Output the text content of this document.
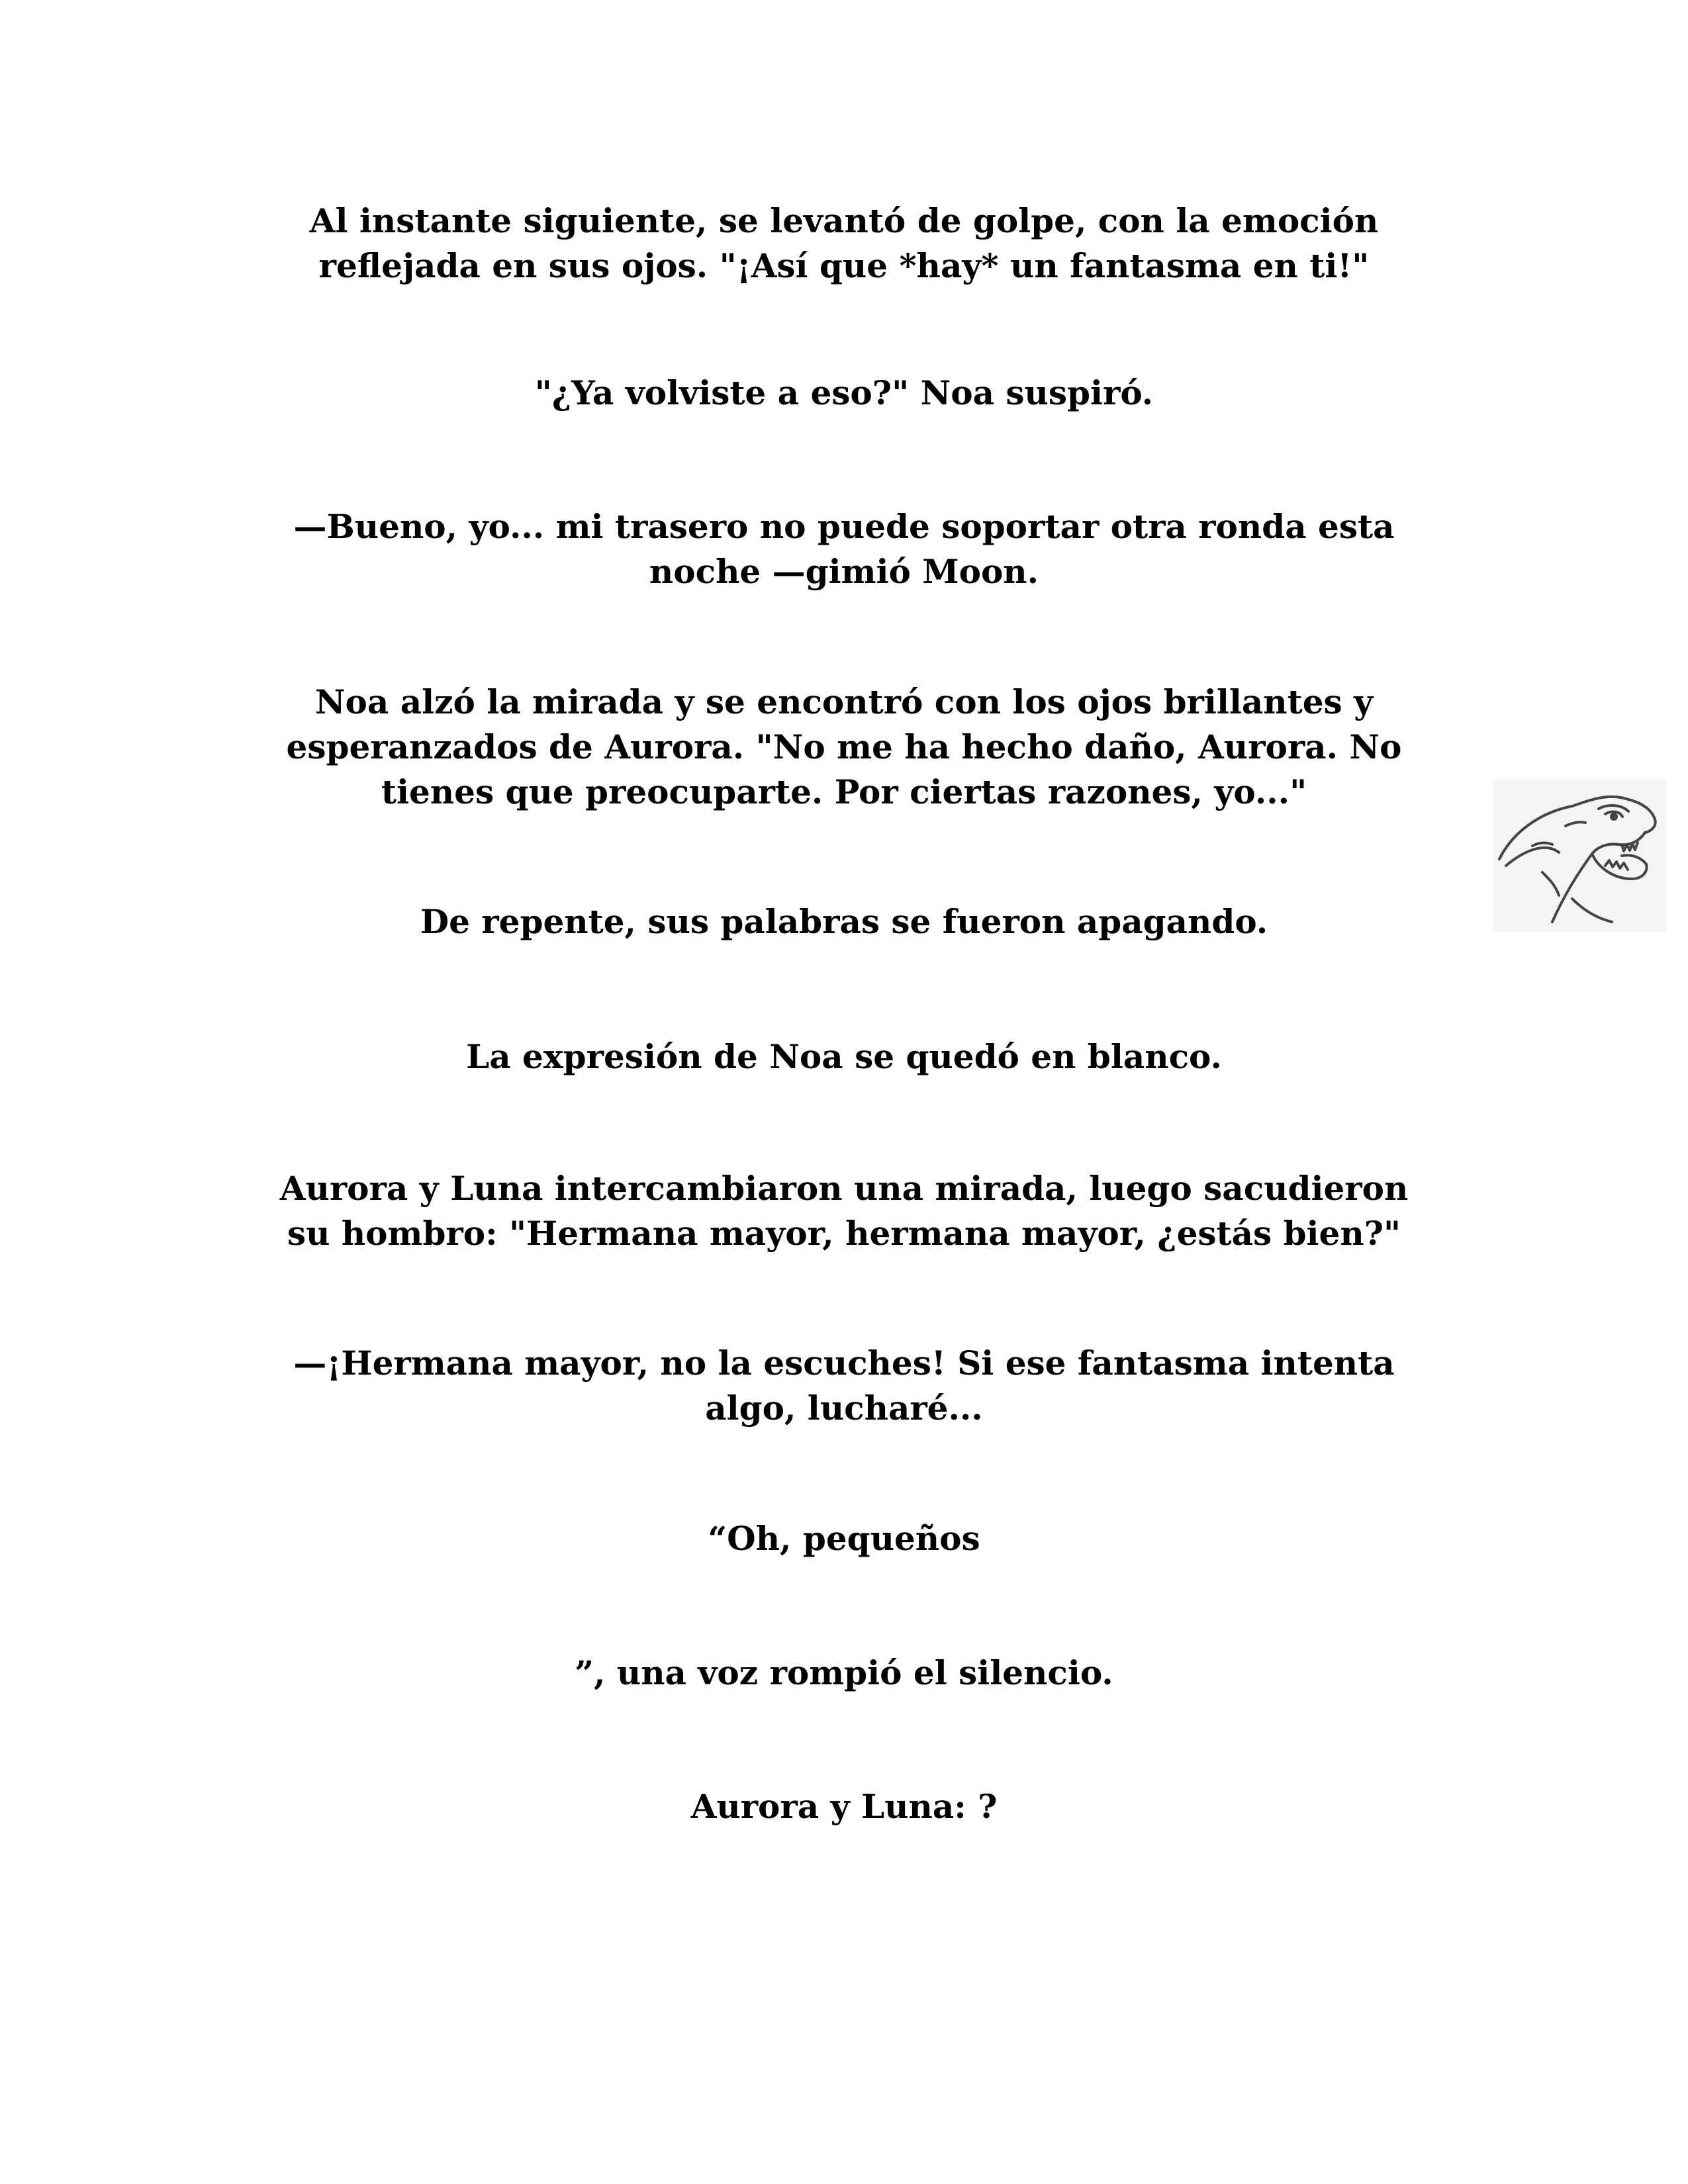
Al instante siguiente, se levantó de golpe, con la emoción
reflejada en sus ojos. "¡Así que *hay* un fantasma en ti!"

"¿Ya volviste a eso?" Noa suspiró.

—Bueno, yo... mi trasero no puede soportar otra ronda esta
noche —gimió Moon.

Noa alzó la mirada y se encontró con los ojos brillantes y
esperanzados de Aurora. "No me ha hecho daño, Aurora. No
tienes que preocuparte. Por ciertas razones, yo..."

De repente, sus palabras se fueron apagando.

La expresión de Noa se quedó en blanco.

Aurora y Luna intercambiaron una mirada, luego sacudieron
su hombro: "Hermana mayor, hermana mayor, ¿estás bien?"

—¡Hermana mayor, no la escuches! Si ese fantasma intenta
algo, lucharé...

“Oh, pequeños

”, una voz rompió el silencio.

Aurora y Luna: ?
